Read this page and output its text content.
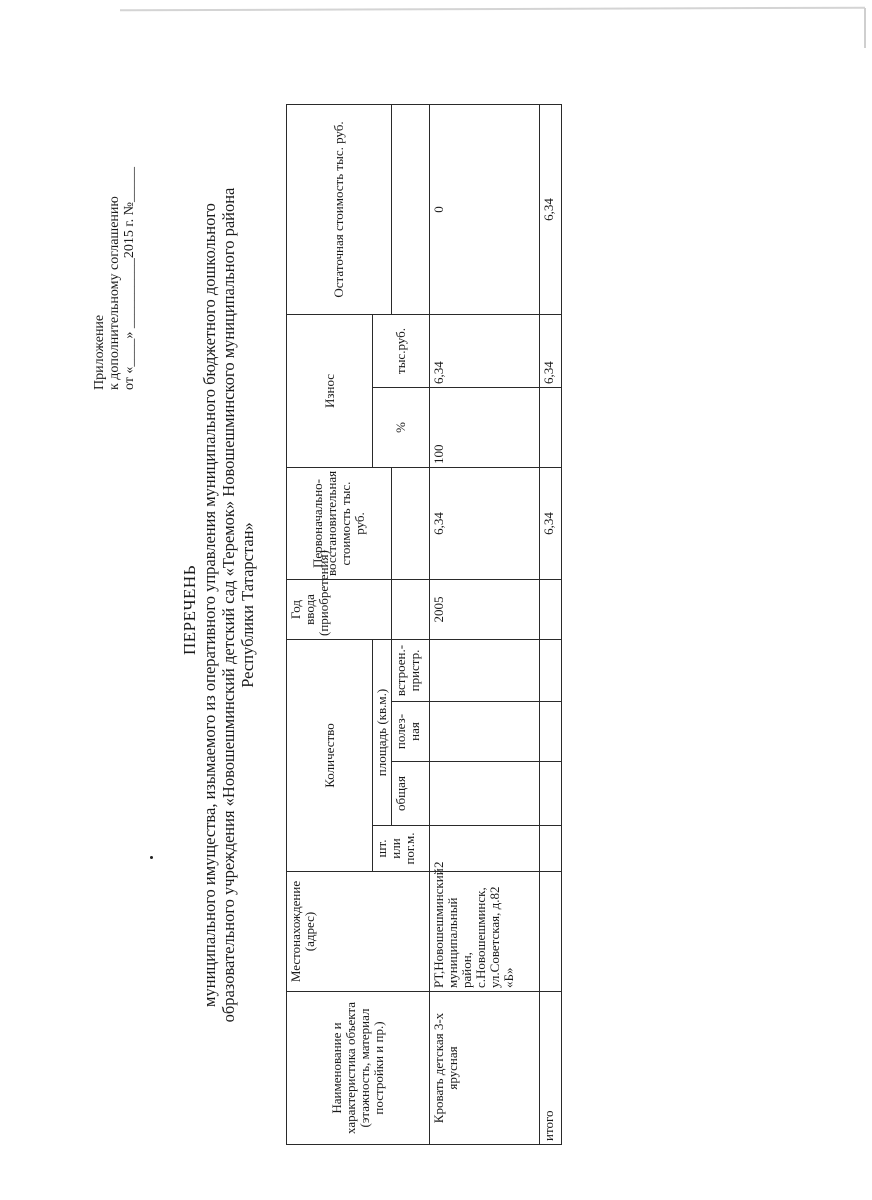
Приложение к дополнительному соглашению от «____» __________2015 г. №_____
ПЕРЕЧЕНЬ муниципального имущества, изымаемого из оперативного управления муниципального бюджетного дошкольного образовательного учреждения «Новошешминский детский сад «Теремок» Новошешминского муниципального района Республики Татарстан»
Наименование и характеристика объекта (этажность, материал постройки и пр.)	Местонахождение (адрес)	Количество				Год ввода (приобретения)	Первоначально-восстановительная стоимость тыс. руб.	Износ		Остаточная стоимость тыс. руб.
		шт. или пог.м.	площадь (кв.м.)					%	тыс.руб.	
			общая	полез-ная	встроен.-пристр.					
Кровать детская 3-х ярусная	РТ,Новошешминский муниципальный район, с.Новошешминск, ул.Советская, д.82 «Б»	2				2005	6,34	100	6,34	0
итого							6,34		6,34	6,34
